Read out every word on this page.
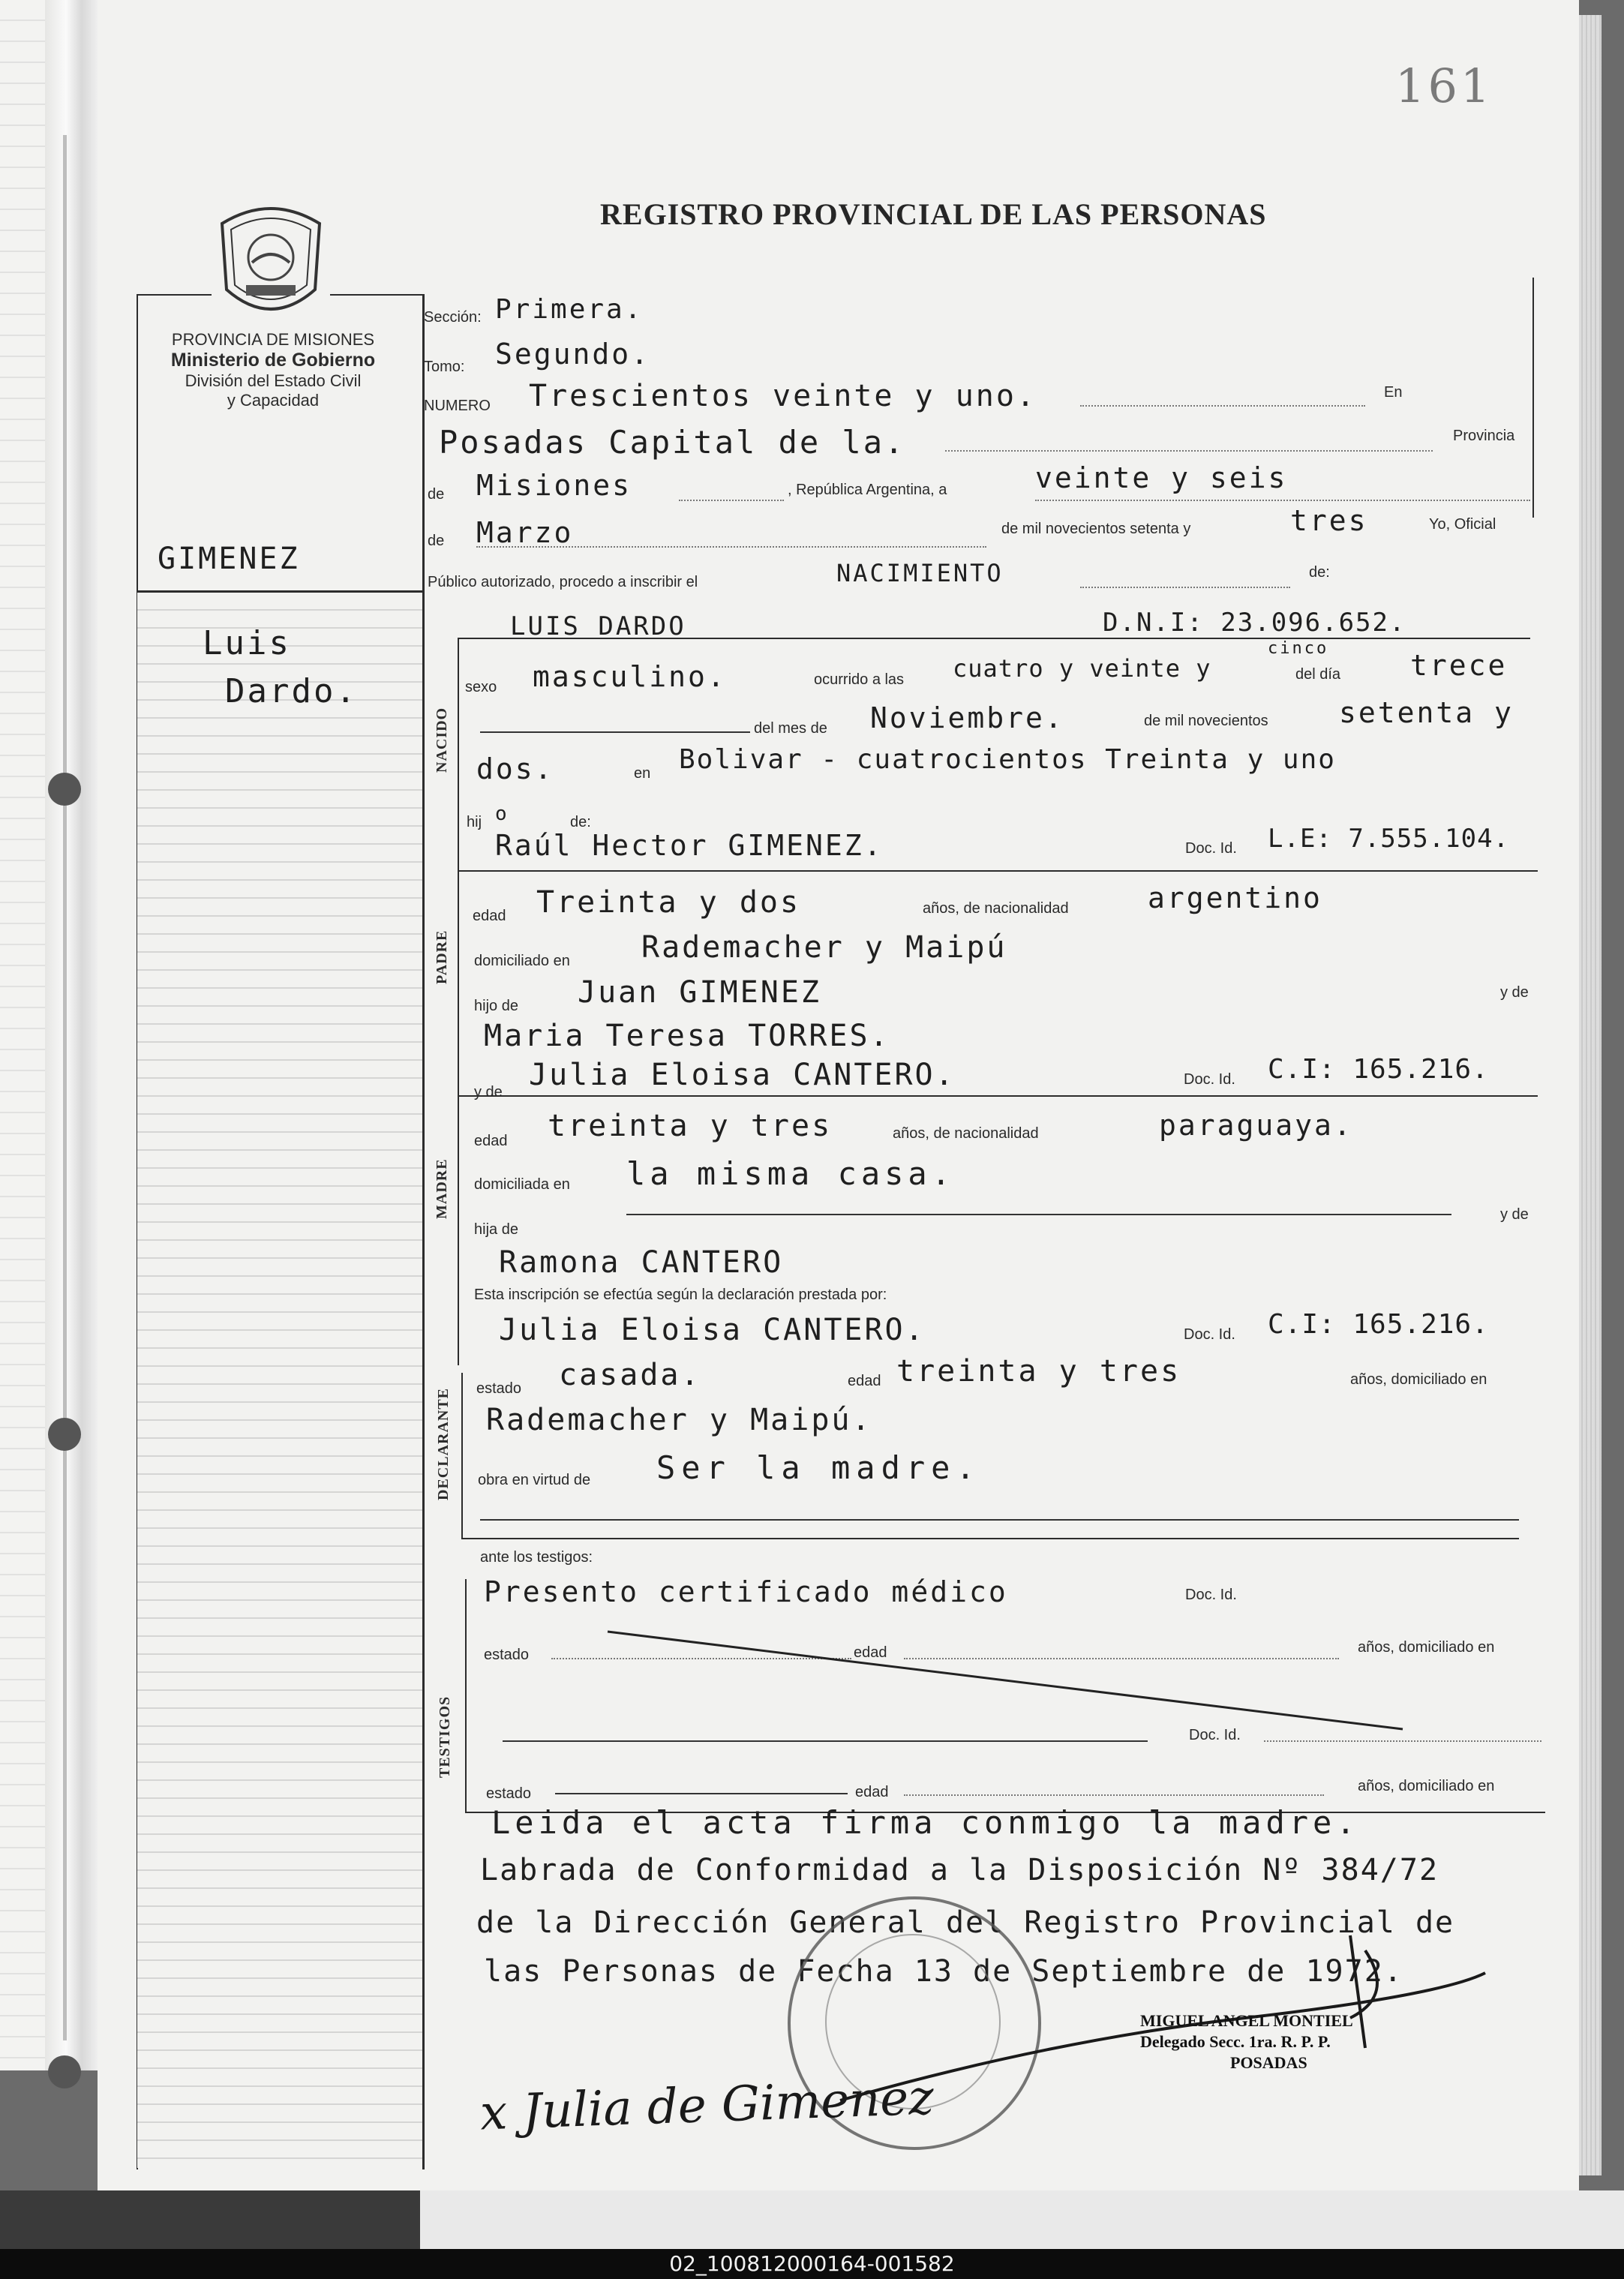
161
REGISTRO PROVINCIAL DE LAS PERSONAS
PROVINCIA DE MISIONES
Ministerio de Gobierno
División del Estado Civil
y Capacidad
GIMENEZ
Luis
Dardo.
NACIDO
PADRE
MADRE
DECLARANTE
TESTIGOS
Sección: Primera.
Tomo: Segundo.
NUMERO Trescientos veinte y uno.	En
Posadas Capital de la.	Provincia
de Misiones	, República Argentina, a	veinte y seis
de Marzo	de mil novecientos setenta y	tres	Yo, Oficial
Público autorizado, procedo a inscribir el	NACIMIENTO	de:
LUIS DARDO	D.N.I: 23.096.652.
sexo masculino.	ocurrido a las cuatro y veinte y
cinco
del día trece
del mes de Noviembre.	de mil novecientos setenta y
dos.	en Bolivar - cuatrocientos Treinta y uno
hij o	de:
Raúl Hector GIMENEZ.	Doc. Id. L.E: 7.555.104.
edad Treinta y dos	años, de nacionalidad	argentino
domiciliado en Rademacher y Maipú
hijo de Juan GIMENEZ	y de
Maria Teresa TORRES.
y de Julia Eloisa CANTERO.	Doc. Id. C.I: 165.216.
edad treinta y tres	años, de nacionalidad	paraguaya.
domiciliada en la misma casa.
hija de
y de
Ramona CANTERO
Esta inscripción se efectúa según la declaración prestada por:
Julia Eloisa CANTERO.	Doc. Id. C.I: 165.216.
estado casada.	edad treinta y tres	años, domiciliado en
Rademacher y Maipú.
obra en virtud de Ser la madre.
ante los testigos:
Presento certificado médico	Doc. Id.
estado	edad	años, domiciliado en
Doc. Id.
estado	edad	años, domiciliado en
Leida el acta firma conmigo la madre.
Labrada de Conformidad a la Disposición Nº 384/72
de la Dirección General del Registro Provincial de
las Personas de Fecha 13 de Septiembre de 1972.
MIGUEL ANGEL MONTIEL
Delegado Secc. 1ra. R. P. P.
POSADAS
x Julia de Gimenez
02_100812000164-001582
